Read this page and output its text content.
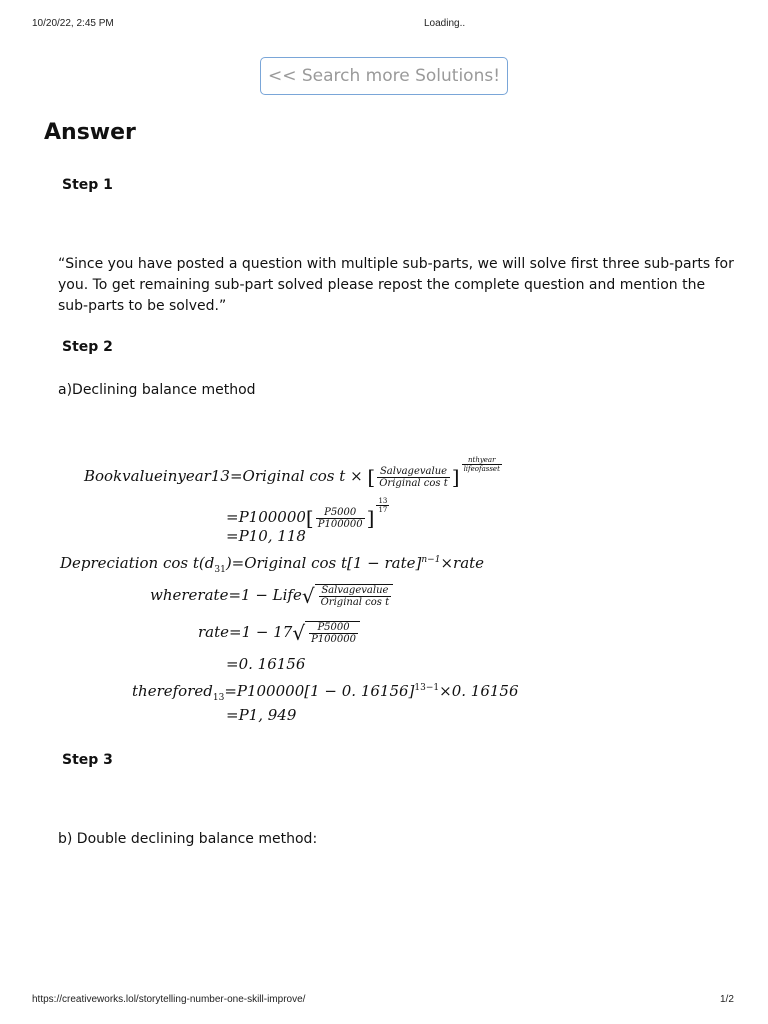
10/20/22, 2:45 PM	Loading..
<< Search more Solutions!
Answer
Step 1
“Since you have posted a question with multiple sub-parts, we will solve first three sub-parts for you. To get remaining sub-part solved please repost the complete question and mention the sub-parts to be solved.”
Step 2
a)Declining balance method
Bookvalueinyear13=Original cos t × [ $\frac{\text{Salvagevalue}}{\text{Original cos t}}$ ]
$^{\frac{\text{nthyear}}{\text{lifeofasset}}}$
$=P100000[ \frac{P5000}{P100000}$ ]
$^{\frac{13}{17}}$
=P10, 118
Depreciation $\cos t(d_{31})=Original$ cos t[1 − rate]$^{n-1}$×rate
whererate=1 − Life√ $\frac{\text{Salvagevalue}}{\text{Original cos t}}$
rate=1 − $17√ \frac{P5000}{P100000}$
=0. 16156
therefored$_{13}$=P100000[1 − 0. 16156]$^{13-1}$×0. 16156
=P1, 949
Step 3
b) Double declining balance method:
https://creativeworks.lol/storytelling-number-one-skill-improve/	1/2
